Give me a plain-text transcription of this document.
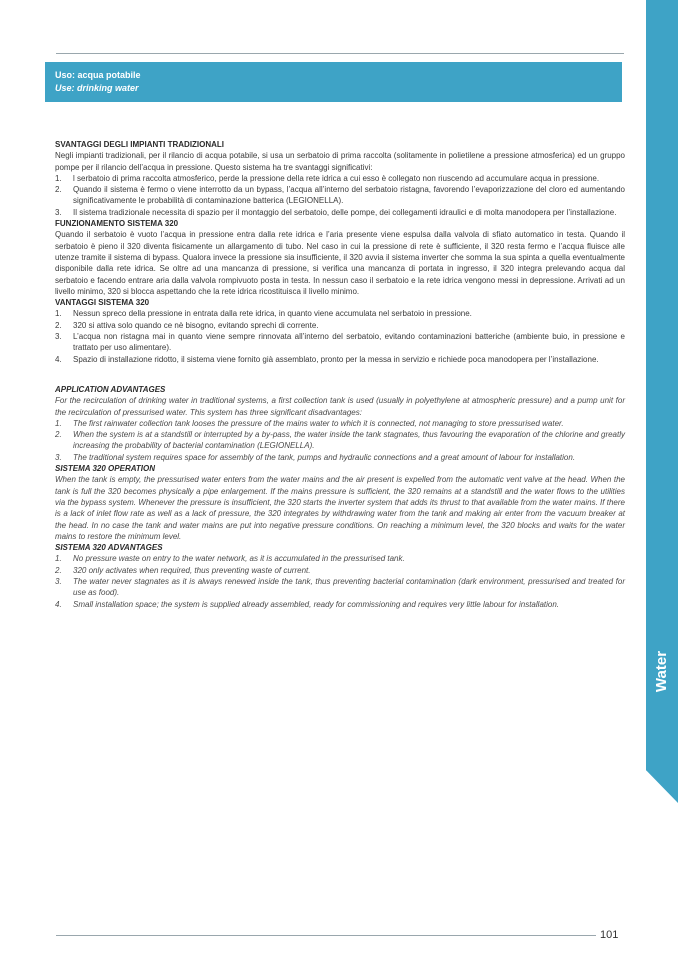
Uso: acqua potabile
Use: drinking water
Water

SVANTAGGI DEGLI IMPIANTI TRADIZIONALI

Negli impianti tradizionali, per il rilancio di acqua potabile, si usa un serbatoio di prima raccolta (solitamente in polietilene a pressione atmosferica) ed un gruppo pompe per il rilancio dell’acqua in pressione. Questo sistema ha tre svantaggi significativi:

1.	l serbatoio di prima raccolta atmosferico, perde la pressione della rete idrica a cui esso è collegato non riuscendo ad accumulare acqua in pressione.
2.	Quando il sistema è fermo o viene interrotto da un bypass, l’acqua all’interno del serbatoio ristagna, favorendo l’evaporizzazione del cloro ed aumentando significativamente le probabilità di contaminazione batterica (LEGIONELLA).
3.	Il sistema tradizionale necessita di spazio per il montaggio del serbatoio, delle pompe, dei collegamenti idraulici e di molta manodopera per l’installazione.

FUNZIONAMENTO SISTEMA 320

Quando il serbatoio è vuoto l’acqua in pressione entra dalla rete idrica e l’aria presente viene espulsa dalla valvola di sfiato automatico in testa. Quando il serbatoio è pieno il 320 diventa fisicamente un allargamento di tubo. Nel caso in cui la pressione di rete è sufficiente, il 320 resta fermo e l’acqua fluisce alle utenze tramite il sistema di bypass. Qualora invece la pressione sia insufficiente, il 320 avvia il sistema inverter che somma la sua spinta a quella eventualmente disponibile dalla rete idrica. Se oltre ad una mancanza di pressione, si verifica una mancanza di portata in ingresso, il 320 integra prelevando acqua dal serbatoio e facendo entrare aria dalla valvola rompivuoto posta in testa. In nessun caso il serbatoio e la rete idrica vengono messi in depressione. Arrivati ad un livello minimo, 320 si blocca aspettando che la rete idrica ricostituisca il livello minimo.

VANTAGGI SISTEMA 320

1.	Nessun spreco della pressione in entrata dalla rete idrica, in quanto viene accumulata nel serbatoio in pressione.
2.	320 si attiva solo quando ce nè bisogno, evitando sprechi di corrente.
3.	L’acqua non ristagna mai in quanto viene sempre rinnovata all’interno del serbatoio, evitando contaminazioni batteriche (ambiente buio, in pressione e trattato per uso alimentare).
4.	Spazio di installazione ridotto, il sistema viene fornito già assemblato, pronto per la messa in servizio e richiede poca manodopera per l’installazione.

APPLICATION ADVANTAGES

For the recirculation of drinking water in traditional systems, a first collection tank is used (usually in polyethylene at atmospheric pressure) and a pump unit for the recirculation of pressurised water. This system has three significant disadvantages:

1.	The first rainwater collection tank looses the pressure of the mains water to which it is connected, not managing to store pressurised water.
2.	When the system is at a standstill or interrupted by a by-pass, the water inside the tank stagnates, thus favouring the evaporation of the chlorine and greatly increasing the probability of bacterial contamination (LEGIONELLA).
3.	The traditional system requires space for assembly of the tank, pumps and hydraulic connections and a great amount of labour for installation.

SISTEMA 320 OPERATION

When the tank is empty, the pressurised water enters from the water mains and the air present is expelled from the automatic vent valve at the head. When the tank is full the 320 becomes physically a pipe enlargement. If the mains pressure is sufficient, the 320 remains at a standstill and the water flows to the utilities via the bypass system. Whenever the pressure is insufficient, the 320 starts the inverter system that adds its thrust to that available from the water mains. If there is a lack of inlet flow rate as well as a lack of pressure, the 320 integrates by withdrawing water from the tank and making air enter from the vacuum breaker at the head. In no case the tank and water mains are put into negative pressure conditions. On reaching a minimum level, the 320 blocks and waits for the water mains to restore the minimum level.

SISTEMA 320 ADVANTAGES

1.	No pressure waste on entry to the water network, as it is accumulated in the pressurised tank.
2.	320 only activates when required, thus preventing waste of current.
3.	The water never stagnates as it is always renewed inside the tank, thus preventing bacterial contamination (dark environment, pressurised and treated for use as food).
4.	Small installation space; the system is supplied already assembled, ready for commissioning and requires very little labour for installation.
101
